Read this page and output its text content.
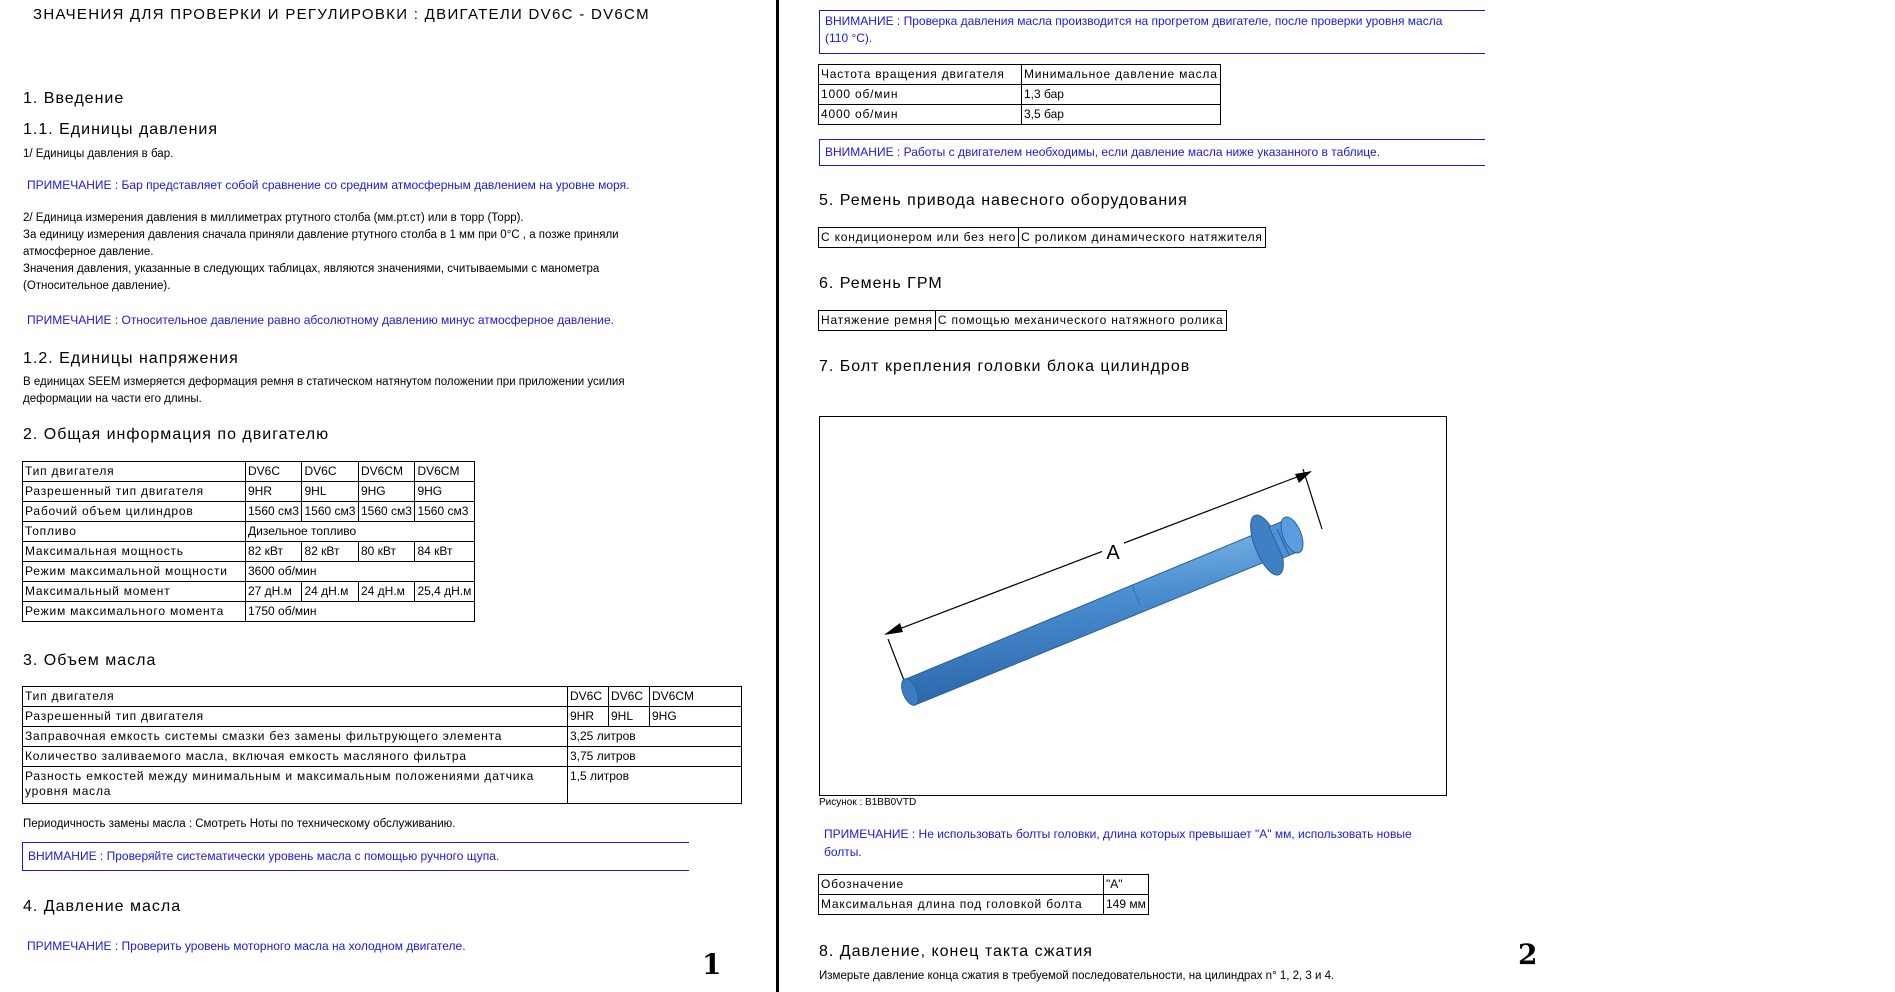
ЗНАЧЕНИЯ ДЛЯ ПРОВЕРКИ И РЕГУЛИРОВКИ : ДВИГАТЕЛИ DV6C - DV6CM
1. Введение
1.1. Единицы давления
1/ Единицы давления в бар.
ПРИМЕЧАНИЕ : Бар представляет собой сравнение со средним атмосферным давлением на уровне моря.
2/ Единица измерения давления в миллиметрах ртутного столба (мм.рт.ст) или в торр (Торр).
За единицу измерения давления сначала приняли давление ртутного столба в 1 мм при 0°С , а позже приняли
атмосферное давление.
Значения давления, указанные в следующих таблицах, являются значениями, считываемыми с манометра
(Относительное давление).
ПРИМЕЧАНИЕ : Относительное давление равно абсолютному давлению минус атмосферное давление.
1.2. Единицы напряжения
В единицах SEEM измеряется деформация ремня в статическом натянутом положении при приложении усилия
деформации на части его длины.
2. Общая информация по двигателю
Тип двигателя	DV6C	DV6C	DV6CM	DV6CM
Разрешенный тип двигателя	9HR	9HL	9HG	9HG
Рабочий объем цилиндров	1560 см3	1560 см3	1560 см3	1560 см3
Топливо	Дизельное топливо			
Максимальная мощность	82 кВт	82 кВт	80 кВт	84 кВт
Режим максимальной мощности	3600 об/мин			
Максимальный момент	27 дН.м	24 дН.м	24 дН.м	25,4 дН.м
Режим максимального момента	1750 об/мин			
3. Объем масла
Тип двигателя	DV6C	DV6C	DV6CM
Разрешенный тип двигателя	9HR	9HL	9HG
Заправочная емкость системы смазки без замены фильтрующего элемента	3,25 литров		
Количество заливаемого масла, включая емкость масляного фильтра	3,75 литров		
Разность емкостей между минимальным и максимальным положениями датчика уровня масла	1,5 литров		
Периодичность замены масла : Смотреть Ноты по техническому обслуживанию.
ВНИМАНИЕ : Проверяйте систематически уровень масла с помощью ручного щупа.
4. Давление масла
ПРИМЕЧАНИЕ : Проверить уровень моторного масла на холодном двигателе.
1
ВНИМАНИЕ : Проверка давления масла производится на прогретом двигателе, после проверки уровня масла
(110 °C).
Частота вращения двигателя	Минимальное давление масла
1000 об/мин	1,3 бар
4000 об/мин	3,5 бар
ВНИМАНИЕ : Работы с двигателем необходимы, если давление масла ниже указанного в таблице.
5. Ремень привода навесного оборудования
С кондиционером или без него	С роликом динамического натяжителя
6. Ремень ГРМ
Натяжение ремня	С помощью механического натяжного ролика
7. Болт крепления головки блока цилиндров
A
Рисунок : B1BB0VTD
ПРИМЕЧАНИЕ : Не использовать болты головки, длина которых превышает "А" мм, использовать новые
болты.
Обозначение	"А"
Максимальная длина под головкой болта	149 мм
8. Давление, конец такта сжатия
Измерьте давление конца сжатия в требуемой последовательности, на цилиндрах n° 1, 2, 3 и 4.
2
